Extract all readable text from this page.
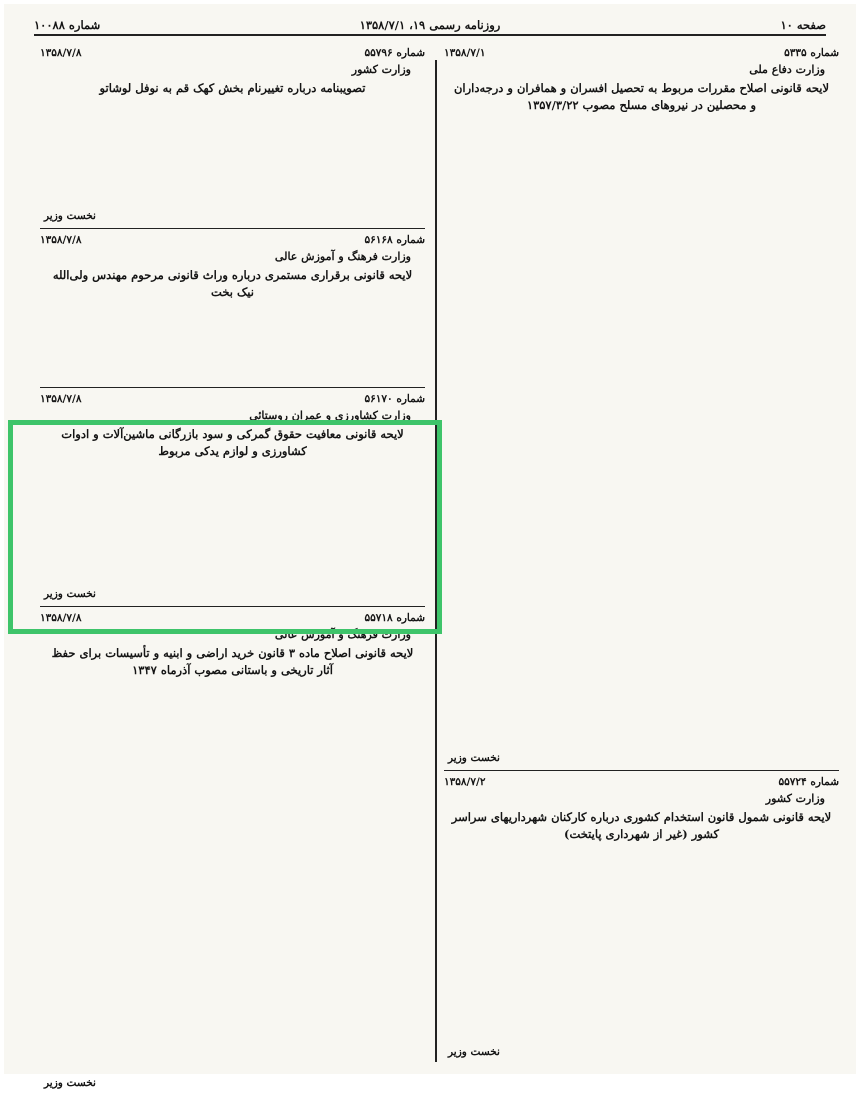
صفحه ۱۰
روزنامه رسمی ۱۹، ۱۳۵۸/۷/۱
شماره ۱۰۰۸۸
شماره ۵۳۳۵
۱۳۵۸/۷/۱
وزارت دفاع ملی
لایحه قانونی اصلاح مقررات مربوط به تحصیل افسران و همافران و درجه‌داران و محصلین در نیروهای مسلح مصوب ۱۳۵۷/۳/۲۲

نخست وزیر
شماره ۵۵۷۲۴
۱۳۵۸/۷/۲
وزارت کشور
لایحه قانونی شمول قانون استخدام کشوری درباره کارکنان شهرداریهای سراسر کشور (غیر از شهرداری پایتخت)

نخست وزیر
شماره ۵۵۷۹۶
۱۳۵۸/۷/۸
وزارت کشور
تصویبنامه درباره تغییرنام بخش کهک قم به نوفل لوشاتو

نخست وزیر
شماره ۵۶۱۶۸
۱۳۵۸/۷/۸
وزارت فرهنگ و آموزش عالی
لایحه قانونی برقراری مستمری درباره وراث قانونی مرحوم مهندس ولی‌الله نیک بخت

شماره ۵۶۱۷۰
۱۳۵۸/۷/۸
وزارت کشاورزی و عمران روستائی
لایحه قانونی معافیت حقوق گمرکی و سود بازرگانی ماشین‌آلات و ادوات کشاورزی و لوازم یدکی مربوط

نخست وزیر
شماره ۵۵۷۱۸
۱۳۵۸/۷/۸
وزارت فرهنگ و آموزش عالی
لایحه قانونی اصلاح ماده ۳ قانون خرید اراضی و ابنیه و تأسیسات برای حفظ آثار تاریخی و باستانی مصوب آذرماه ۱۳۴۷

نخست وزیر
